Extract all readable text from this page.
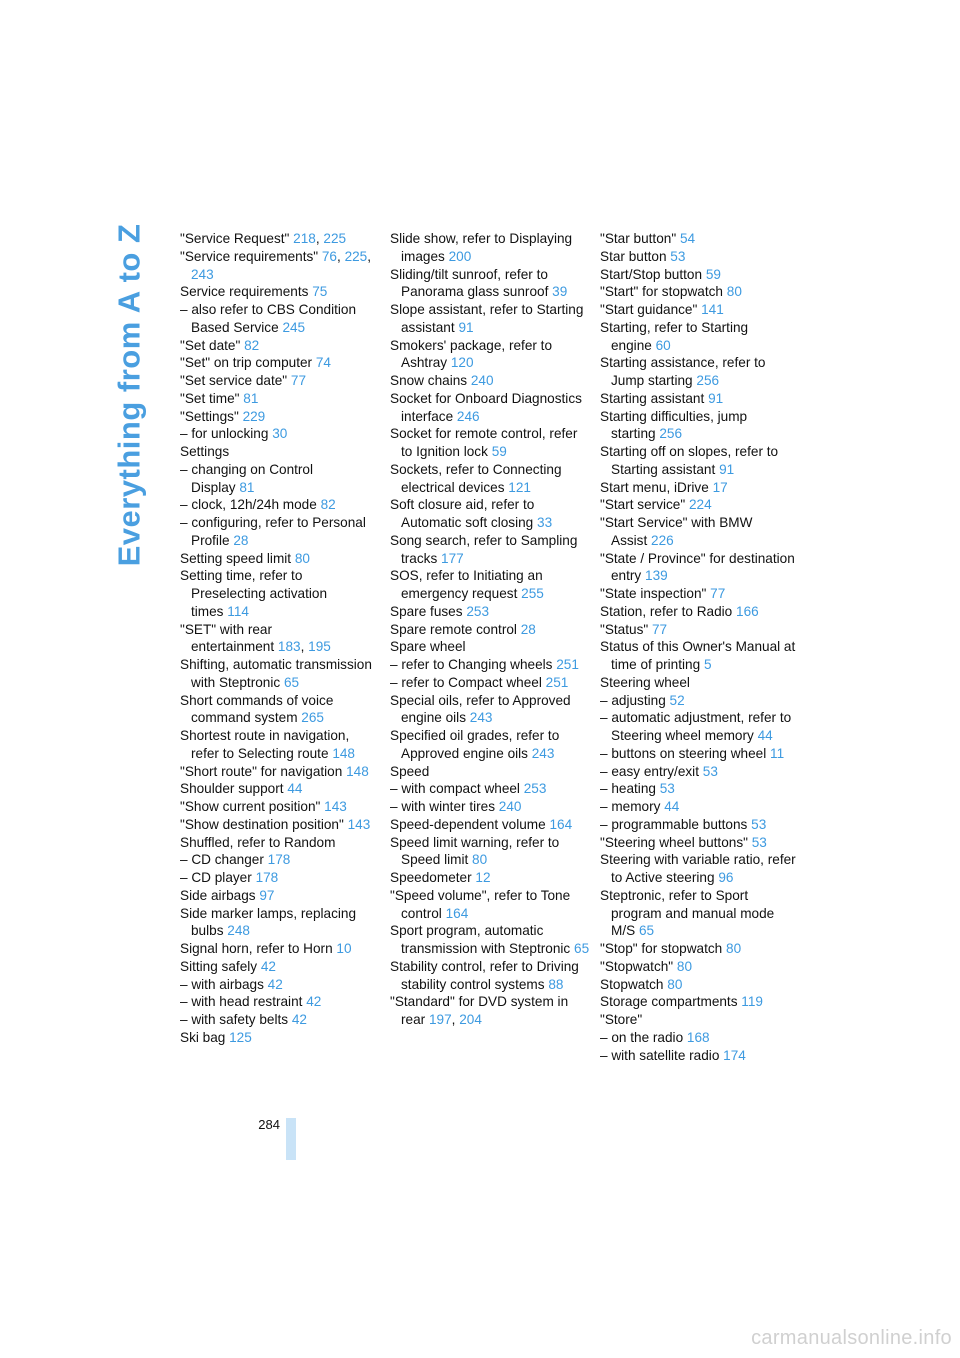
Everything from A to Z "Service Request" 218, 225
"Service requirements" 76, 225, 243
Service requirements 75
– also refer to CBS Condition Based Service 245
"Set date" 82
"Set" on trip computer 74
"Set service date" 77
"Set time" 81
"Settings" 229
– for unlocking 30
Settings
– changing on Control Display 81
– clock, 12h/24h mode 82
– configuring, refer to Personal Profile 28
Setting speed limit 80
Setting time, refer to Preselecting activation times 114
"SET" with rear entertainment 183, 195
Shifting, automatic transmission with Steptronic 65
Short commands of voice command system 265
Shortest route in navigation, refer to Selecting route 148
"Short route" for navigation 148
Shoulder support 44
"Show current position" 143
"Show destination position" 143
Shuffled, refer to Random
– CD changer 178
– CD player 178
Side airbags 97
Side marker lamps, replacing bulbs 248
Signal horn, refer to Horn 10
Sitting safely 42
– with airbags 42
– with head restraint 42
– with safety belts 42
Ski bag 125
Slide show, refer to Displaying images 200
Sliding/tilt sunroof, refer to Panorama glass sunroof 39
Slope assistant, refer to Starting assistant 91
Smokers' package, refer to Ashtray 120
Snow chains 240
Socket for Onboard Diagnostics interface 246
Socket for remote control, refer to Ignition lock 59
Sockets, refer to Connecting electrical devices 121
Soft closure aid, refer to Automatic soft closing 33
Song search, refer to Sampling tracks 177
SOS, refer to Initiating an emergency request 255
Spare fuses 253
Spare remote control 28
Spare wheel
– refer to Changing wheels 251
– refer to Compact wheel 251
Special oils, refer to Approved engine oils 243
Specified oil grades, refer to Approved engine oils 243
Speed
– with compact wheel 253
– with winter tires 240
Speed-dependent volume 164
Speed limit warning, refer to Speed limit 80
Speedometer 12
"Speed volume", refer to Tone control 164
Sport program, automatic transmission with Steptronic 65
Stability control, refer to Driving stability control systems 88
"Standard" for DVD system in rear 197, 204
"Star button" 54
Star button 53
Start/Stop button 59
"Start" for stopwatch 80
"Start guidance" 141
Starting, refer to Starting engine 60
Starting assistance, refer to Jump starting 256
Starting assistant 91
Starting difficulties, jump starting 256
Starting off on slopes, refer to Starting assistant 91
Start menu, iDrive 17
"Start service" 224
"Start Service" with BMW Assist 226
"State / Province" for destination entry 139
"State inspection" 77
Station, refer to Radio 166
"Status" 77
Status of this Owner's Manual at time of printing 5
Steering wheel
– adjusting 52
– automatic adjustment, refer to Steering wheel memory 44
– buttons on steering wheel 11
– easy entry/exit 53
– heating 53
– memory 44
– programmable buttons 53
"Steering wheel buttons" 53
Steering with variable ratio, refer to Active steering 96
Steptronic, refer to Sport program and manual mode M/S 65
"Stop" for stopwatch 80
"Stopwatch" 80
Stopwatch 80
Storage compartments 119
"Store"
– on the radio 168
– with satellite radio 174
284
carmanualsonline.info
